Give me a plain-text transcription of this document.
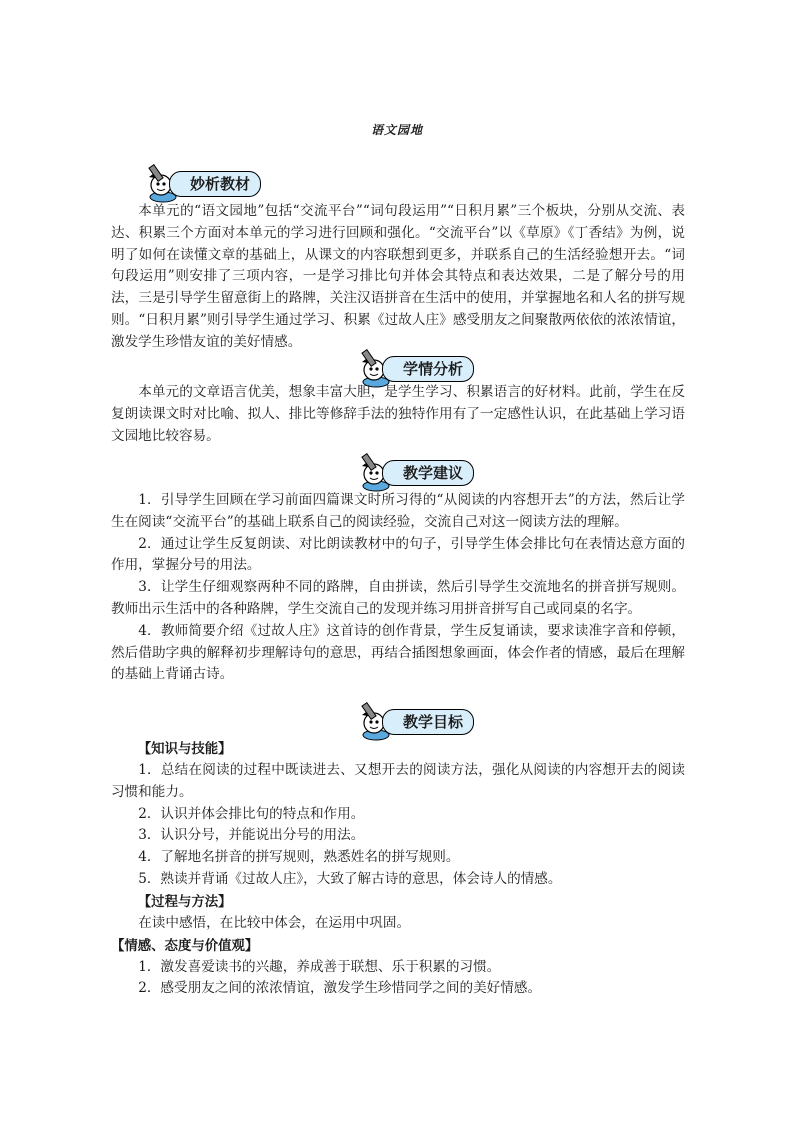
语文园地
妙析教材

本单元的“语文园地”包括“交流平台”“词句段运用”“日积月累”三个板块，分别从交流、表达、积累三个方面对本单元的学习进行回顾和强化。“交流平台”以《草原》《丁香结》为例，说明了如何在读懂文章的基础上，从课文的内容联想到更多，并联系自己的生活经验想开去。“词句段运用”则安排了三项内容，一是学习排比句并体会其特点和表达效果，二是了解分号的用法，三是引导学生留意街上的路牌，关注汉语拼音在生活中的使用，并掌握地名和人名的拼写规则。“日积月累”则引导学生通过学习、积累《过故人庄》感受朋友之间聚散两依依的浓浓情谊，激发学生珍惜友谊的美好情感。

学情分析

本单元的文章语言优美，想象丰富大胆，是学生学习、积累语言的好材料。此前，学生在反复朗读课文时对比喻、拟人、排比等修辞手法的独特作用有了一定感性认识，在此基础上学习语文园地比较容易。

教学建议

1．引导学生回顾在学习前面四篇课文时所习得的“从阅读的内容想开去”的方法，然后让学生在阅读“交流平台”的基础上联系自己的阅读经验，交流自己对这一阅读方法的理解。

2．通过让学生反复朗读、对比朗读教材中的句子，引导学生体会排比句在表情达意方面的作用，掌握分号的用法。

3．让学生仔细观察两种不同的路牌，自由拼读，然后引导学生交流地名的拼音拼写规则。教师出示生活中的各种路牌，学生交流自己的发现并练习用拼音拼写自己或同桌的名字。

4．教师简要介绍《过故人庄》这首诗的创作背景，学生反复诵读，要求读准字音和停顿，然后借助字典的解释初步理解诗句的意思，再结合插图想象画面，体会作者的情感，最后在理解的基础上背诵古诗。

教学目标

【知识与技能】

1．总结在阅读的过程中既读进去、又想开去的阅读方法，强化从阅读的内容想开去的阅读习惯和能力。

2．认识并体会排比句的特点和作用。

3．认识分号，并能说出分号的用法。

4．了解地名拼音的拼写规则，熟悉姓名的拼写规则。

5．熟读并背诵《过故人庄》，大致了解古诗的意思，体会诗人的情感。

【过程与方法】

在读中感悟，在比较中体会，在运用中巩固。

【情感、态度与价值观】

1．激发喜爱读书的兴趣，养成善于联想、乐于积累的习惯。

2．感受朋友之间的浓浓情谊，激发学生珍惜同学之间的美好情感。
